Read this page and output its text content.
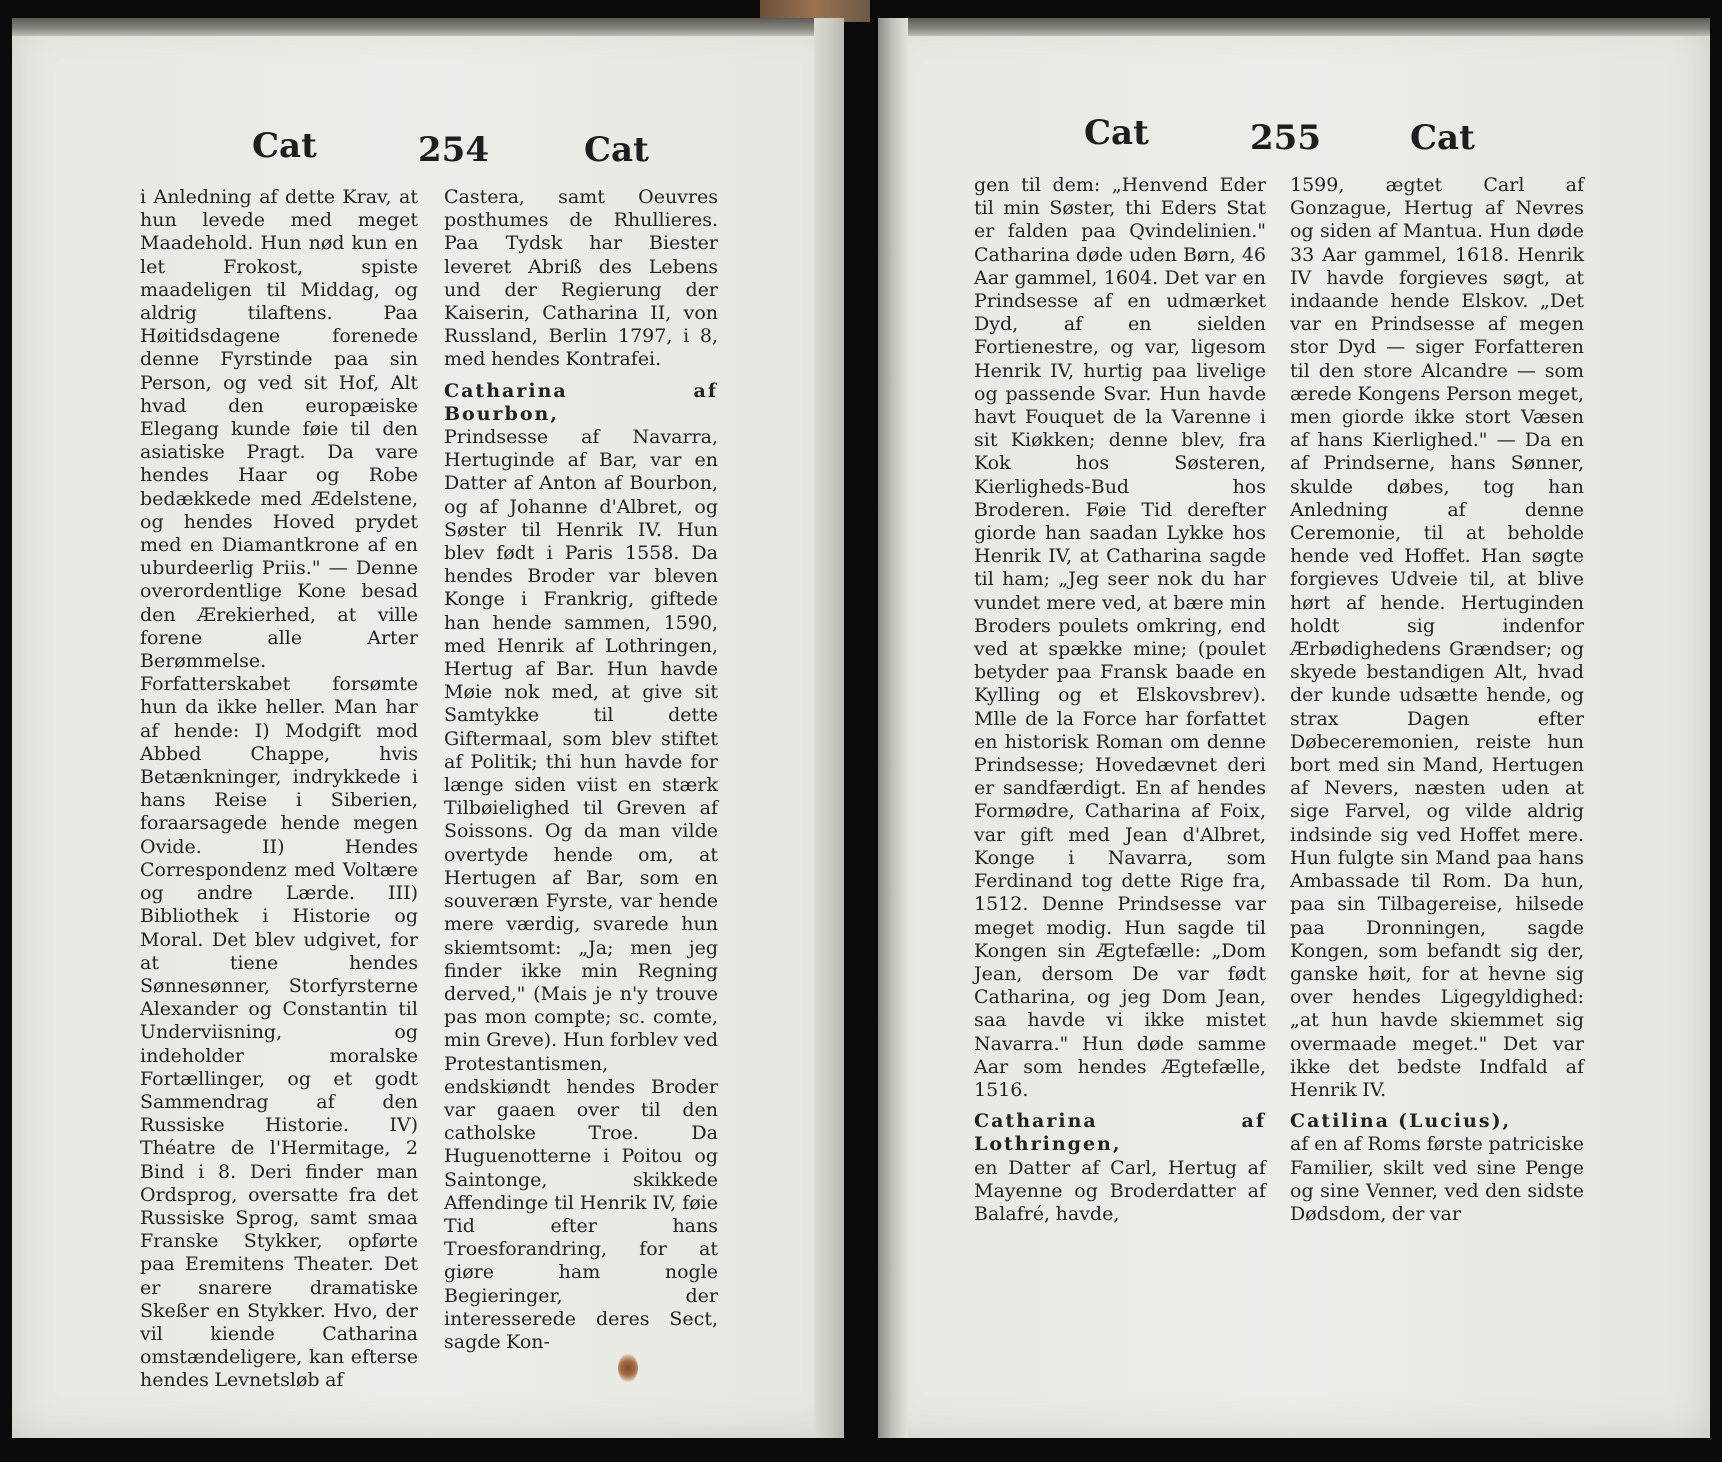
Cat	254	Cat

i Anledning af dette Krav, at hun levede med meget Maadehold. Hun nød kun en let Frokost, spiste maadeligen til Middag, og aldrig tilaftens. Paa Høitidsdagene forenede denne Fyrstinde paa sin Person, og ved sit Hof, Alt hvad den europæiske Elegang kunde føie til den asiatiske Pragt. Da vare hendes Haar og Robe bedækkede med Ædelstene, og hendes Hoved prydet med en Diamantkrone af en uburdeerlig Priis." — Denne overordentlige Kone besad den Ærekierhed, at ville forene alle Arter Berømmelse. Forfatterskabet forsømte hun da ikke heller. Man har af hende: I) Modgift mod Abbed Chappe, hvis Betænkninger, indrykkede i hans Reise i Siberien, foraarsagede hende megen Ovide. II) Hendes Correspondenz med Voltære og andre Lærde. III) Bibliothek i Historie og Moral. Det blev udgivet, for at tiene hendes Sønnesønner, Storfyrsterne Alexander og Constantin til Underviisning, og indeholder moralske Fortællinger, og et godt Sammendrag af den Russiske Historie. IV) Théatre de l'Hermitage, 2 Bind i 8. Deri finder man Ordsprog, oversatte fra det Russiske Sprog, samt smaa Franske Stykker, opførte paa Eremitens Theater. Det er snarere dramatiske Skeßer en Stykker. Hvo, der vil kiende Catharina omstændeligere, kan efterse hendes Levnetsløb af

Castera, samt Oeuvres posthumes de Rhullieres. Paa Tydsk har Biester leveret Abriß des Lebens und der Regierung der Kaiserin, Catharina II, von Russland, Berlin 1797, i 8, med hendes Kontrafei.

Catharina af Bourbon,

Prindsesse af Navarra, Hertuginde af Bar, var en Datter af Anton af Bourbon, og af Johanne d'Albret, og Søster til Henrik IV. Hun blev født i Paris 1558. Da hendes Broder var bleven Konge i Frankrig, giftede han hende sammen, 1590, med Henrik af Lothringen, Hertug af Bar. Hun havde Møie nok med, at give sit Samtykke til dette Giftermaal, som blev stiftet af Politik; thi hun havde for længe siden viist en stærk Tilbøielighed til Greven af Soissons. Og da man vilde overtyde hende om, at Hertugen af Bar, som en souveræn Fyrste, var hende mere værdig, svarede hun skiemtsomt: „Ja; men jeg finder ikke min Regning derved," (Mais je n'y trouve pas mon compte; sc. comte, min Greve). Hun forblev ved Protestantismen, endskiøndt hendes Broder var gaaen over til den catholske Troe. Da Huguenotterne i Poitou og Saintonge, skikkede Affendinge til Henrik IV, føie Tid efter hans Troesforandring, for at giøre ham nogle Begieringer, der interesserede deres Sect, sagde Kon-

Cat	255	Cat

gen til dem: „Henvend Eder til min Søster, thi Eders Stat er falden paa Qvindelinien." Catharina døde uden Børn, 46 Aar gammel, 1604. Det var en Prindsesse af en udmærket Dyd, af en sielden Fortienestre, og var, ligesom Henrik IV, hurtig paa livelige og passende Svar. Hun havde havt Fouquet de la Varenne i sit Kiøkken; denne blev, fra Kok hos Søsteren, Kierligheds-Bud hos Broderen. Føie Tid derefter giorde han saadan Lykke hos Henrik IV, at Catharina sagde til ham; „Jeg seer nok du har vundet mere ved, at bære min Broders poulets omkring, end ved at spække mine; (poulet betyder paa Fransk baade en Kylling og et Elskovsbrev). Mlle de la Force har forfattet en historisk Roman om denne Prindsesse; Hovedævnet deri er sandfærdigt. En af hendes Formødre, Catharina af Foix, var gift med Jean d'Albret, Konge i Navarra, som Ferdinand tog dette Rige fra, 1512. Denne Prindsesse var meget modig. Hun sagde til Kongen sin Ægtefælle: „Dom Jean, dersom De var født Catharina, og jeg Dom Jean, saa havde vi ikke mistet Navarra." Hun døde samme Aar som hendes Ægtefælle, 1516.

Catharina af Lothringen,

en Datter af Carl, Hertug af Mayenne og Broderdatter af Balafré, havde,

1599, ægtet Carl af Gonzague, Hertug af Nevres og siden af Mantua. Hun døde 33 Aar gammel, 1618. Henrik IV havde forgieves søgt, at indaande hende Elskov. „Det var en Prindsesse af megen stor Dyd — siger Forfatteren til den store Alcandre — som ærede Kongens Person meget, men giorde ikke stort Væsen af hans Kierlighed." — Da en af Prindserne, hans Sønner, skulde døbes, tog han Anledning af denne Ceremonie, til at beholde hende ved Hoffet. Han søgte forgieves Udveie til, at blive hørt af hende. Hertuginden holdt sig indenfor Ærbødighedens Grændser; og skyede bestandigen Alt, hvad der kunde udsætte hende, og strax Dagen efter Døbeceremonien, reiste hun bort med sin Mand, Hertugen af Nevers, næsten uden at sige Farvel, og vilde aldrig indsinde sig ved Hoffet mere. Hun fulgte sin Mand paa hans Ambassade til Rom. Da hun, paa sin Tilbagereise, hilsede paa Dronningen, sagde Kongen, som befandt sig der, ganske høit, for at hevne sig over hendes Ligegyldighed: „at hun havde skiemmet sig overmaade meget." Det var ikke det bedste Indfald af Henrik IV.

Catilina (Lucius),

af en af Roms første patriciske Familier, skilt ved sine Penge og sine Venner, ved den sidste Dødsdom, der var
